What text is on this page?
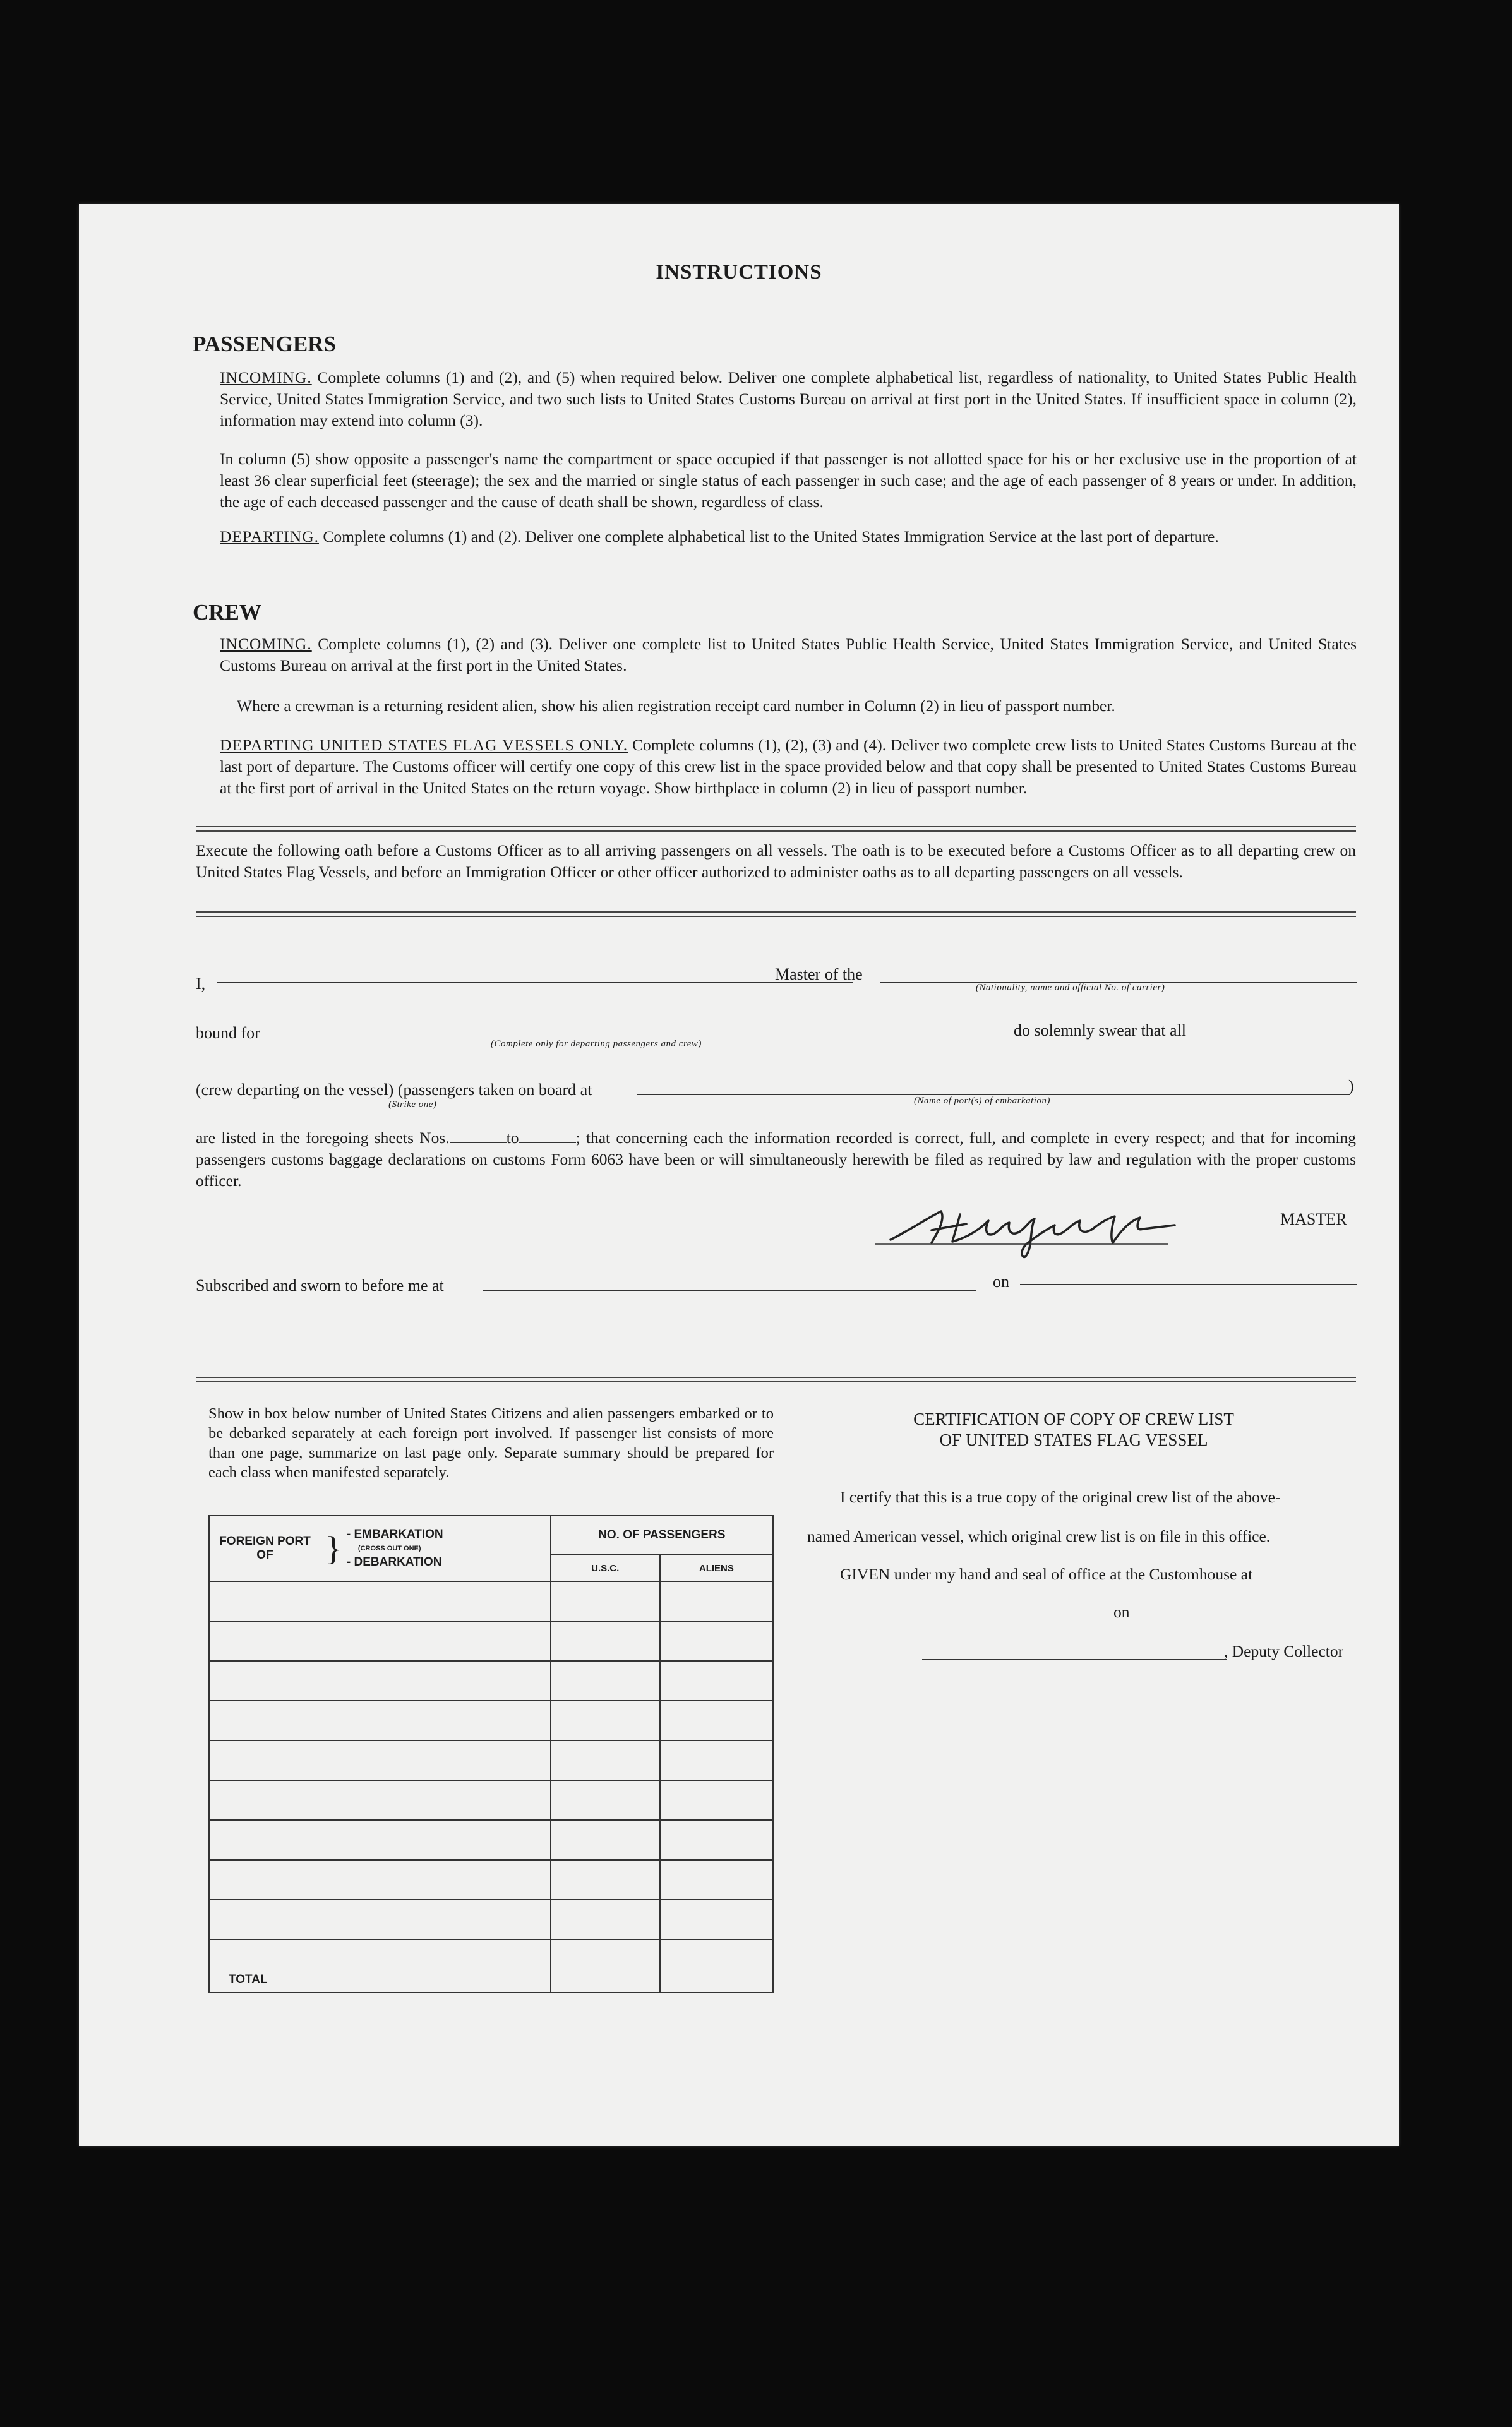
INSTRUCTIONS
PASSENGERS
INCOMING. Complete columns (1) and (2), and (5) when required below. Deliver one complete alphabetical list, regardless of nationality, to United States Public Health Service, United States Immigration Service, and two such lists to United States Customs Bureau on arrival at first port in the United States. If insufficient space in column (2), information may extend into column (3).
In column (5) show opposite a passenger's name the compartment or space occupied if that passenger is not allotted space for his or her exclusive use in the proportion of at least 36 clear superficial feet (steerage); the sex and the married or single status of each passenger in such case; and the age of each passenger of 8 years or under. In addition, the age of each deceased passenger and the cause of death shall be shown, regardless of class.
DEPARTING. Complete columns (1) and (2). Deliver one complete alphabetical list to the United States Immigration Service at the last port of departure.
CREW
INCOMING. Complete columns (1), (2) and (3). Deliver one complete list to United States Public Health Service, United States Immigration Service, and United States Customs Bureau on arrival at the first port in the United States.
Where a crewman is a returning resident alien, show his alien registration receipt card number in Column (2) in lieu of passport number.
DEPARTING UNITED STATES FLAG VESSELS ONLY. Complete columns (1), (2), (3) and (4). Deliver two complete crew lists to United States Customs Bureau at the last port of departure. The Customs officer will certify one copy of this crew list in the space provided below and that copy shall be presented to United States Customs Bureau at the first port of arrival in the United States on the return voyage. Show birthplace in column (2) in lieu of passport number.
Execute the following oath before a Customs Officer as to all arriving passengers on all vessels. The oath is to be executed before a Customs Officer as to all departing crew on United States Flag Vessels, and before an Immigration Officer or other officer authorized to administer oaths as to all departing passengers on all vessels.
I,
Master of the
(Nationality, name and official No. of carrier)
bound for
(Complete only for departing passengers and crew)
do solemnly swear that all
(crew departing on the vessel) (passengers taken on board at
(Strike one)	(Name of port(s) of embarkation)
)
are listed in the foregoing sheets Nos.	to	; that concerning each the information recorded is correct, full, and complete in every respect; and that for incoming passengers customs baggage declarations on customs Form 6063 have been or will simultaneously herewith be filed as required by law and regulation with the proper customs officer.
MASTER
Subscribed and sworn to before me at	on
Show in box below number of United States Citizens and alien passengers embarked or to be debarked separately at each foreign port involved. If passenger list consists of more than one page, summarize on last page only. Separate summary should be prepared for each class when manifested separately.
FOREIGN PORT OF } - EMBARKATION
(CROSS OUT ONE)
- DEBARKATION	NO. OF PASSENGERS	
	U.S.C.	ALIENS

TOTAL		

CERTIFICATION OF COPY OF CREW LIST
OF UNITED STATES FLAG VESSEL
I certify that this is a true copy of the original crew list of the above-
named American vessel, which original crew list is on file in this office.
GIVEN under my hand and seal of office at the Customhouse at
on
, Deputy Collector
